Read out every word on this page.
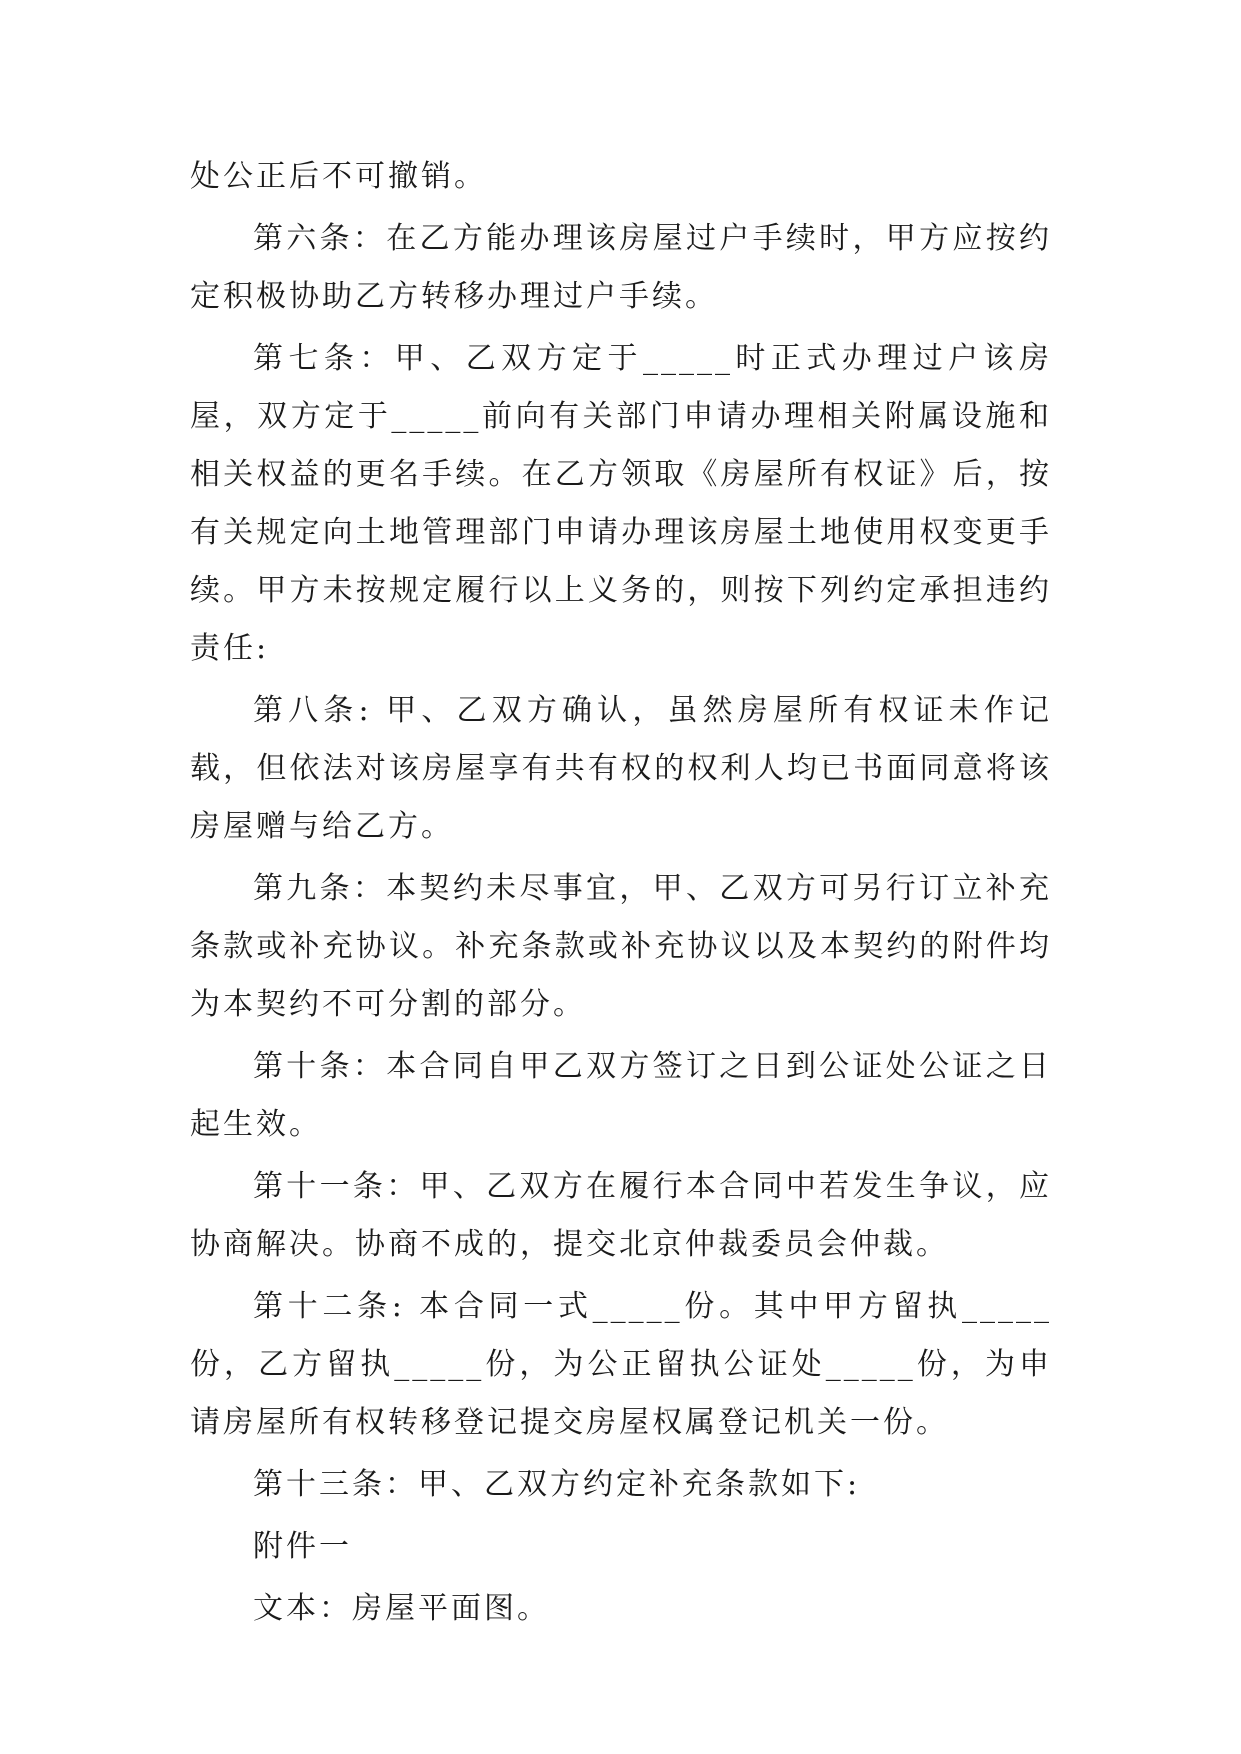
处公正后不可撤销。

第六条：在乙方能办理该房屋过户手续时，甲方应按约定积极协助乙方转移办理过户手续。

第七条：甲、乙双方定于_____时正式办理过户该房屋，双方定于_____前向有关部门申请办理相关附属设施和相关权益的更名手续。在乙方领取《房屋所有权证》后，按有关规定向土地管理部门申请办理该房屋土地使用权变更手续。甲方未按规定履行以上义务的，则按下列约定承担违约责任:

第八条: 甲、乙双方确认，虽然房屋所有权证未作记载，但依法对该房屋享有共有权的权利人均已书面同意将该房屋赠与给乙方。

第九条：本契约未尽事宜，甲、乙双方可另行订立补充条款或补充协议。补充条款或补充协议以及本契约的附件均为本契约不可分割的部分。

第十条：本合同自甲乙双方签订之日到公证处公证之日起生效。

第十一条：甲、乙双方在履行本合同中若发生争议，应协商解决。协商不成的，提交北京仲裁委员会仲裁。

第十二条: 本合同一式_____份。其中甲方留执_____份，乙方留执_____份，为公正留执公证处_____份，为申请房屋所有权转移登记提交房屋权属登记机关一份。

第十三条：甲、乙双方约定补充条款如下:

附件一

文本：房屋平面图。
